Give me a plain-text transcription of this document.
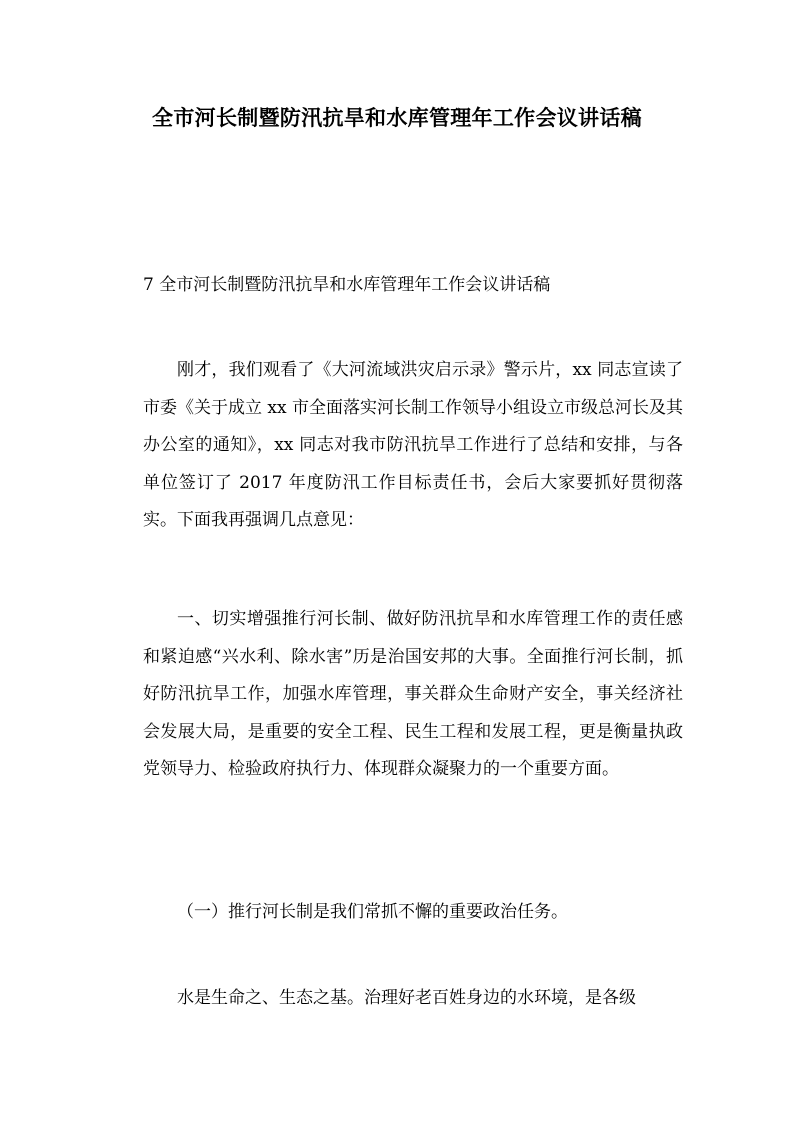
全市河长制暨防汛抗旱和水库管理年工作会议讲话稿
7 全市河长制暨防汛抗旱和水库管理年工作会议讲话稿

刚才，我们观看了《大河流域洪灾启示录》警示片，xx 同志宣读了市委《关于成立 xx 市全面落实河长制工作领导小组设立市级总河长及其办公室的通知》，xx 同志对我市防汛抗旱工作进行了总结和安排，与各单位签订了 2017 年度防汛工作目标责任书，会后大家要抓好贯彻落实。下面我再强调几点意见：

一、切实增强推行河长制、做好防汛抗旱和水库管理工作的责任感和紧迫感“兴水利、除水害”历是治国安邦的大事。全面推行河长制，抓好防汛抗旱工作，加强水库管理，事关群众生命财产安全，事关经济社会发展大局，是重要的安全工程、民生工程和发展工程，更是衡量执政党领导力、检验政府执行力、体现群众凝聚力的一个重要方面。

（一）推行河长制是我们常抓不懈的重要政治任务。

水是生命之、生态之基。治理好老百姓身边的水环境，是各级
